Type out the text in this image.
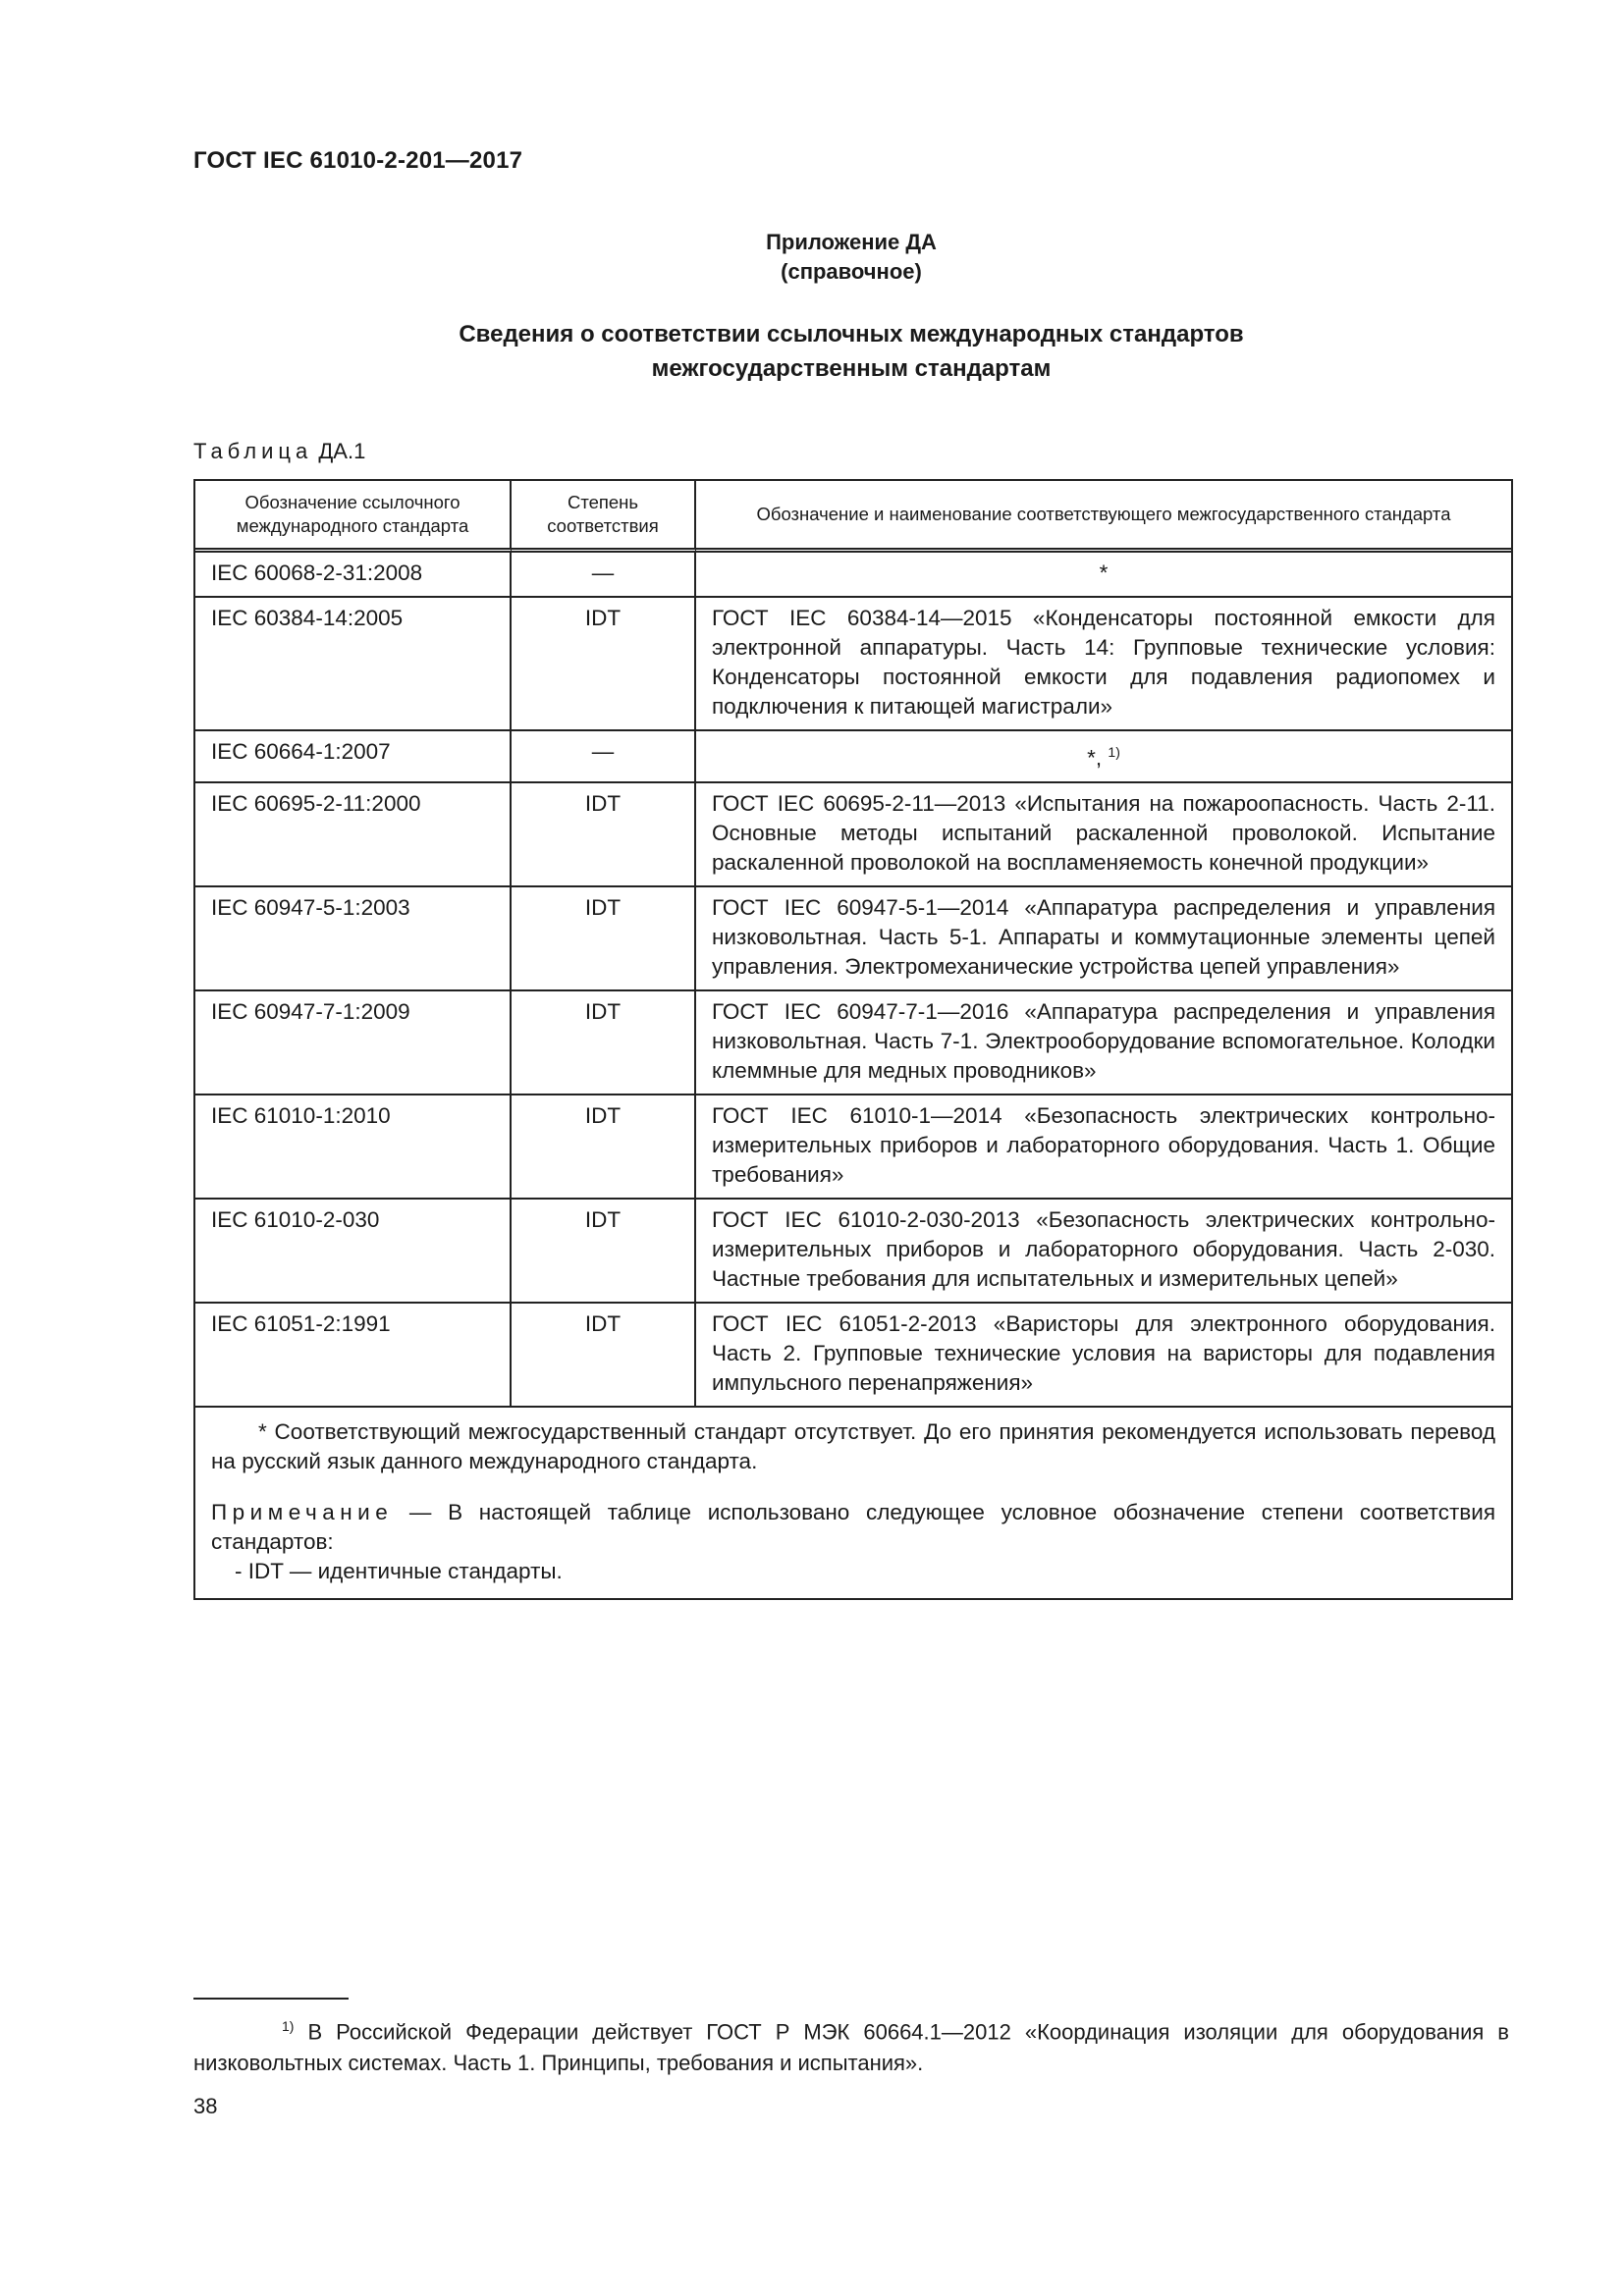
ГОСТ IEC 61010-2-201—2017
Приложение ДА
(справочное)
Сведения о соответствии ссылочных международных стандартов
межгосударственным стандартам
Таблица ДА.1
Обозначение ссылочного международного стандарта	Степень соответствия	Обозначение и наименование соответствующего межгосударственного стандарта
IEC 60068-2-31:2008	—	*
IEC 60384-14:2005	IDT	ГОСТ IEC 60384-14—2015 «Конденсаторы постоянной емкости для электронной аппаратуры. Часть 14: Групповые технические условия: Конденсаторы постоянной емкости для подавления радиопомех и подключения к питающей магистрали»
IEC 60664-1:2007	—	*, $^{1)}$
IEC 60695-2-11:2000	IDT	ГОСТ IEC 60695-2-11—2013 «Испытания на пожароопасность. Часть 2-11. Основные методы испытаний раскаленной проволокой. Испытание раскаленной проволокой на воспламеняемость конечной продукции»
IEC 60947-5-1:2003	IDT	ГОСТ IEC 60947-5-1—2014 «Аппаратура распределения и управления низковольтная. Часть 5-1. Аппараты и коммутационные элементы цепей управления. Электромеханические устройства цепей управления»
IEC 60947-7-1:2009	IDT	ГОСТ IEC 60947-7-1—2016 «Аппаратура распределения и управления низковольтная. Часть 7-1. Электрооборудование вспомогательное. Колодки клеммные для медных проводников»
IEC 61010-1:2010	IDT	ГОСТ IEC 61010-1—2014 «Безопасность электрических контрольно-измерительных приборов и лабораторного оборудования. Часть 1. Общие требования»
IEC 61010-2-030	IDT	ГОСТ IEC 61010-2-030-2013 «Безопасность электрических контрольно-измерительных приборов и лабораторного оборудования. Часть 2-030. Частные требования для испытательных и измерительных цепей»
IEC 61051-2:1991	IDT	ГОСТ IEC 61051-2-2013 «Варисторы для электронного оборудования. Часть 2. Групповые технические условия на варисторы для подавления импульсного перенапряжения»

* Соответствующий межгосударственный стандарт отсутствует. До его принятия рекомендуется использовать перевод на русский язык данного международного стандарта.

Примечание — В настоящей таблице использовано следующее условное обозначение степени соответствия стандартов:

- IDT — идентичные стандарты.		

$^{1)}$ В Российской Федерации действует ГОСТ Р МЭК 60664.1—2012 «Координация изоляции для оборудования в низковольтных системах. Часть 1. Принципы, требования и испытания».
38
